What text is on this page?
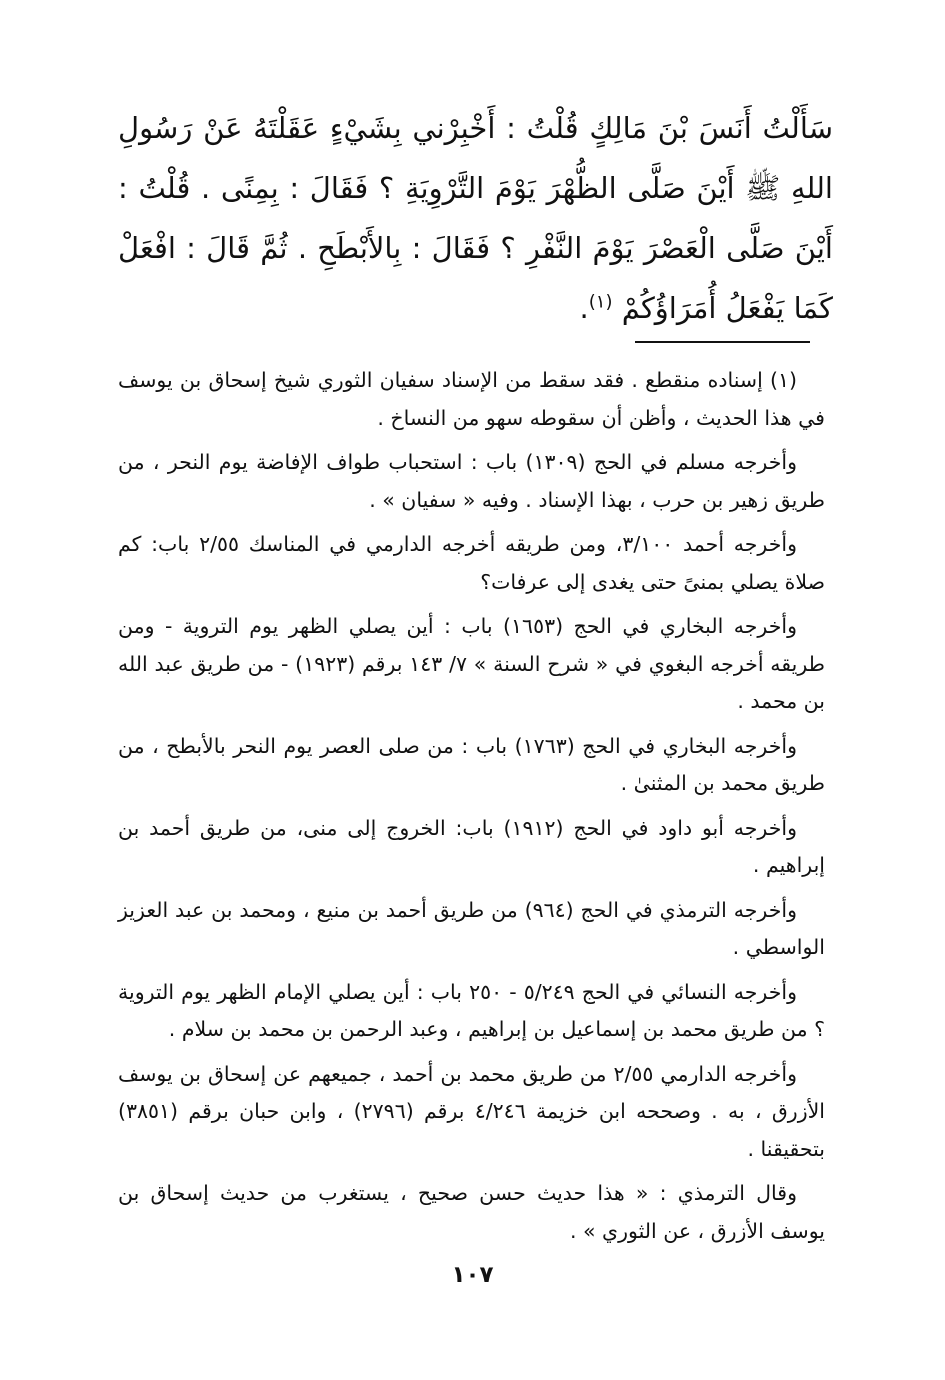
سَأَلْتُ أَنَسَ بْنَ مَالِكٍ قُلْتُ : أَخْبِرْني بِشَيْءٍ عَقَلْتَهُ عَنْ رَسُولِ اللهِ ﷺ أَيْنَ صَلَّى الظُّهْرَ يَوْمَ التَّرْوِيَةِ ؟ فَقَالَ : بِمِنًى . قُلْتُ : أَيْنَ صَلَّى الْعَصْرَ يَوْمَ النَّفْرِ ؟ فَقَالَ : بِالأَبْطَحِ . ثُمَّ قَالَ : افْعَلْ كَمَا يَفْعَلُ أُمَرَاؤُكُمْ $^{(١)}$.

(١) إسناده منقطع . فقد سقط من الإسناد سفيان الثوري شيخ إسحاق بن يوسف في هذا الحديث ، وأظن أن سقوطه سهو من النساخ .

وأخرجه مسلم في الحج (١٣٠٩) باب : استحباب طواف الإفاضة يوم النحر ، من طريق زهير بن حرب ، بهذا الإسناد . وفيه « سفيان » .

وأخرجه أحمد ٣/١٠٠، ومن طريقه أخرجه الدارمي في المناسك ٢/٥٥ باب: كم صلاة يصلي بمنىً حتى يغدى إلى عرفات؟

وأخرجه البخاري في الحج (١٦٥٣) باب : أين يصلي الظهر يوم التروية - ومن طريقه أخرجه البغوي في « شرح السنة » ٧/ ١٤٣ برقم (١٩٢٣) - من طريق عبد الله بن محمد .

وأخرجه البخاري في الحج (١٧٦٣) باب : من صلى العصر يوم النحر بالأبطح ، من طريق محمد بن المثنىٰ .

وأخرجه أبو داود في الحج (١٩١٢) باب: الخروج إلى منى، من طريق أحمد بن إبراهيم .

وأخرجه الترمذي في الحج (٩٦٤) من طريق أحمد بن منيع ، ومحمد بن عبد العزيز الواسطي .

وأخرجه النسائي في الحج ٥/٢٤٩ - ٢٥٠ باب : أين يصلي الإمام الظهر يوم التروية ؟ من طريق محمد بن إسماعيل بن إبراهيم ، وعبد الرحمن بن محمد بن سلام .

وأخرجه الدارمي ٢/٥٥ من طريق محمد بن أحمد ، جميعهم عن إسحاق بن يوسف الأزرق ، به . وصححه ابن خزيمة ٤/٢٤٦ برقم (٢٧٩٦) ، وابن حبان برقم (٣٨٥١) بتحقيقنا .

وقال الترمذي : « هذا حديث حسن صحيح ، يستغرب من حديث إسحاق بن يوسف الأزرق ، عن الثوري » .

١٠٧
